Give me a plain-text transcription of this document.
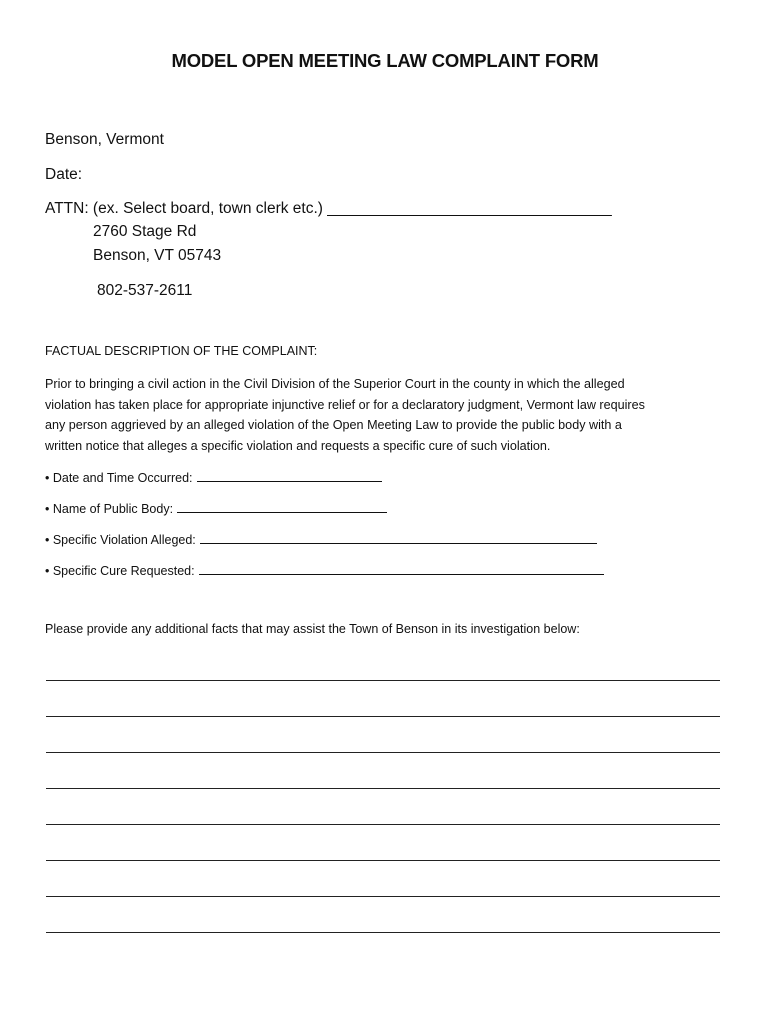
MODEL OPEN MEETING LAW COMPLAINT FORM
Benson, Vermont
Date:
ATTN: (ex. Select board, town clerk etc.) _________________________________
2760 Stage Rd
Benson, VT 05743
802-537-2611
FACTUAL DESCRIPTION OF THE COMPLAINT:
Prior to bringing a civil action in the Civil Division of the Superior Court in the county in which the alleged
violation has taken place for appropriate injunctive relief or for a declaratory judgment, Vermont law requires
any person aggrieved by an alleged violation of the Open Meeting Law to provide the public body with a
written notice that alleges a specific violation and requests a specific cure of such violation.
• Date and Time Occurred:
• Name of Public Body:
• Specific Violation Alleged:
• Specific Cure Requested:
Please provide any additional facts that may assist the Town of Benson in its investigation below:
